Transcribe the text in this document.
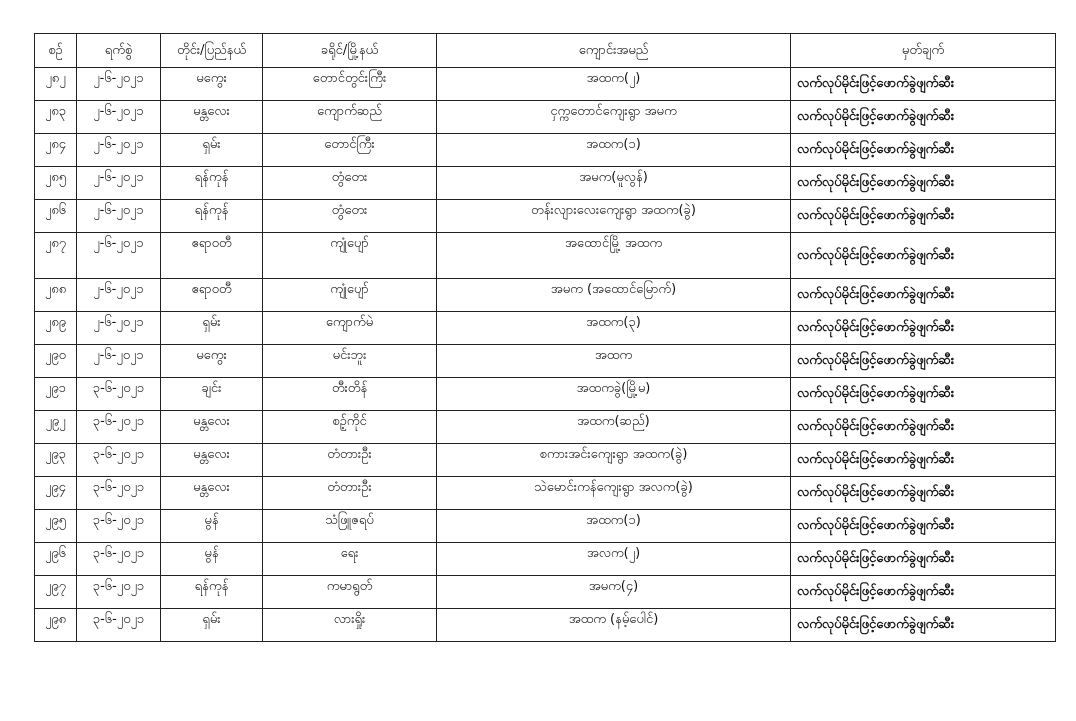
စဉ်	ရက်စွဲ	တိုင်း/ပြည်နယ်	ခရိုင်/မြို့နယ်	ကျောင်းအမည်	မှတ်ချက်
၂၈၂	၂-၆-၂၀၂၁	မကွေး	တောင်တွင်းကြီး	အထက(၂)	လက်လုပ်မိုင်းဖြင့်ဖောက်ခွဲဖျက်ဆီး
၂၈၃	၂-၆-၂၀၂၁	မန္တလေး	ကျောက်ဆည်	ငှက္ကတောင်ကျေးရွာ အမက	လက်လုပ်မိုင်းဖြင့်ဖောက်ခွဲဖျက်ဆီး
၂၈၄	၂-၆-၂၀၂၁	ရှမ်း	တောင်ကြီး	အထက(၁)	လက်လုပ်မိုင်းဖြင့်ဖောက်ခွဲဖျက်ဆီး
၂၈၅	၂-၆-၂၀၂၁	ရန်ကုန်	တွံတေး	အမက(မူလွန်)	လက်လုပ်မိုင်းဖြင့်ဖောက်ခွဲဖျက်ဆီး
၂၈၆	၂-၆-၂၀၂၁	ရန်ကုန်	တွံတေး	တန်းလျားလေးကျေးရွာ အထက(ခွဲ)	လက်လုပ်မိုင်းဖြင့်ဖောက်ခွဲဖျက်ဆီး
၂၈၇	၂-၆-၂၀၂၁	ဧရာဝတီ	ကျုံပျော်	အထောင်မြို့ အထက	လက်လုပ်မိုင်းဖြင့်ဖောက်ခွဲဖျက်ဆီး
၂၈၈	၂-၆-၂၀၂၁	ဧရာဝတီ	ကျုံပျော်	အမက (အထောင်မြောက်)	လက်လုပ်မိုင်းဖြင့်ဖောက်ခွဲဖျက်ဆီး
၂၈၉	၂-၆-၂၀၂၁	ရှမ်း	ကျောက်မဲ	အထက(၃)	လက်လုပ်မိုင်းဖြင့်ဖောက်ခွဲဖျက်ဆီး
၂၉၀	၂-၆-၂၀၂၁	မကွေး	မင်းဘူး	အထက	လက်လုပ်မိုင်းဖြင့်ဖောက်ခွဲဖျက်ဆီး
၂၉၁	၃-၆-၂၀၂၁	ချင်း	တီးတိန်	အထကခွဲ(မြို့မ)	လက်လုပ်မိုင်းဖြင့်ဖောက်ခွဲဖျက်ဆီး
၂၉၂	၃-၆-၂၀၂၁	မန္တလေး	စဉ့်ကိုင်	အထက(ဆည်)	လက်လုပ်မိုင်းဖြင့်ဖောက်ခွဲဖျက်ဆီး
၂၉၃	၃-၆-၂၀၂၁	မန္တလေး	တံတားဦး	စကားအင်းကျေးရွာ အထက(ခွဲ)	လက်လုပ်မိုင်းဖြင့်ဖောက်ခွဲဖျက်ဆီး
၂၉၄	၃-၆-၂၀၂၁	မန္တလေး	တံတားဦး	သဲမောင်းကန်ကျေးရွာ အလက(ခွဲ)	လက်လုပ်မိုင်းဖြင့်ဖောက်ခွဲဖျက်ဆီး
၂၉၅	၃-၆-၂၀၂၁	မွန်	သံဖြူဇရပ်	အထက(၁)	လက်လုပ်မိုင်းဖြင့်ဖောက်ခွဲဖျက်ဆီး
၂၉၆	၃-၆-၂၀၂၁	မွန်	ရေး	အလက(၂)	လက်လုပ်မိုင်းဖြင့်ဖောက်ခွဲဖျက်ဆီး
၂၉၇	၃-၆-၂၀၂၁	ရန်ကုန်	ကမာရွတ်	အမက(၄)	လက်လုပ်မိုင်းဖြင့်ဖောက်ခွဲဖျက်ဆီး
၂၉၈	၃-၆-၂၀၂၁	ရှမ်း	လားရှိုး	အထက (နမ့်ပေါင်)	လက်လုပ်မိုင်းဖြင့်ဖောက်ခွဲဖျက်ဆီး
